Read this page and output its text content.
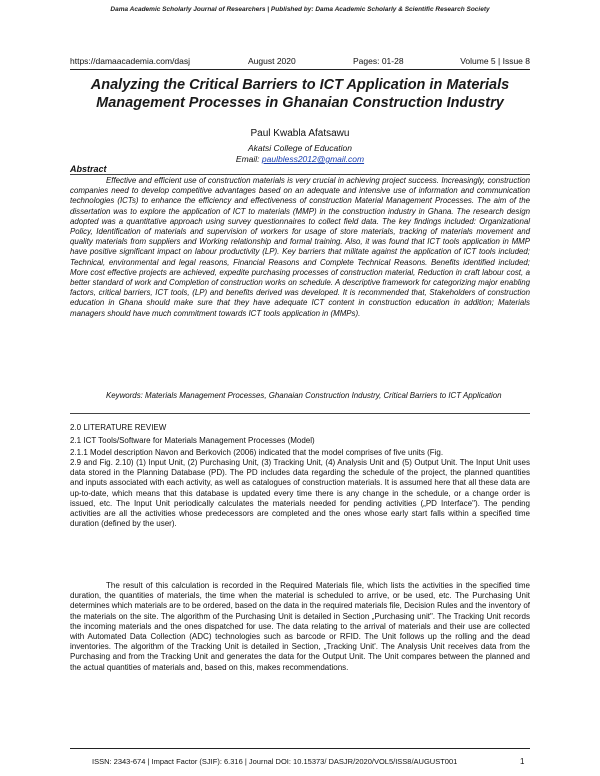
Dama Academic Scholarly Journal of Researchers | Published by: Dama Academic Scholarly & Scientific Research Society
https://damaacademia.com/dasj	August 2020	Pages: 01-28	Volume 5 | Issue 8
Analyzing the Critical Barriers to ICT Application in Materials Management Processes in Ghanaian Construction Industry
Paul Kwabla Afatsawu
Akatsi College of Education
Email: paulbless2012@gmail.com
Abstract

Effective and efficient use of construction materials is very crucial in achieving project success. Increasingly, construction companies need to develop competitive advantages based on an adequate and intensive use of information and communication technologies (ICTs) to enhance the efficiency and effectiveness of construction Material Management Processes. The aim of the dissertation was to explore the application of ICT to materials (MMP) in the construction industry in Ghana. The research design adopted was a quantitative approach using survey questionnaires to collect field data. The key findings included: Organizational Policy, Identification of materials and supervision of workers for usage of store materials, tracking of materials movement and quality materials from suppliers and Working relationship and formal training. Also, it was found that ICT tools application in MMP have positive significant impact on labour productivity (LP). Key barriers that militate against the application of ICT tools included; Technical, environmental and legal reasons, Financial Reasons and Complete Technical Reasons. Benefits identified included; More cost effective projects are achieved, expedite purchasing processes of construction material, Reduction in craft labour cost, a better standard of work and Completion of construction works on schedule. A descriptive framework for categorizing major enabling factors, critical barriers, ICT tools, (LP) and benefits derived was developed. It is recommended that, Stakeholders of construction education in Ghana should make sure that they have adequate ICT content in construction education in addition; Materials managers should have much commitment towards ICT tools application in (MMPs).

Keywords: Materials Management Processes, Ghanaian Construction Industry, Critical Barriers to ICT Application

2.0 LITERATURE REVIEW
2.1 ICT Tools/Software for Materials Management Processes (Model)
2.1.1 Model description Navon and Berkovich (2006) indicated that the model comprises of five units (Fig.

2.9 and Fig. 2.10) (1) Input Unit, (2) Purchasing Unit, (3) Tracking Unit, (4) Analysis Unit and (5) Output Unit. The Input Unit uses data stored in the Planning Database (PD). The PD includes data regarding the schedule of the project, the planned quantities and inputs associated with each activity, as well as catalogues of construction materials. It is assumed here that all these data are up-to-date, which means that this database is updated every time there is any change in the schedule, or a change order is issued, etc. The Input Unit periodically calculates the materials needed for pending activities („PD Interface"). The pending activities are all the activities whose predecessors are completed and the ones whose early start falls within a specified time duration (defined by the user).

The result of this calculation is recorded in the Required Materials file, which lists the activities in the specified time duration, the quantities of materials, the time when the material is scheduled to arrive, or be used, etc. The Purchasing Unit determines which materials are to be ordered, based on the data in the required materials file, Decision Rules and the inventory of the materials on the site. The algorithm of the Purchasing Unit is detailed in Section „Purchasing unit". The Tracking Unit records the incoming materials and the ones dispatched for use. The data relating to the arrival of materials and their use are collected with Automated Data Collection (ADC) technologies such as barcode or RFID. The Unit follows up the rolling and the dead inventories. The algorithm of the Tracking Unit is detailed in Section, „Tracking Unit'. The Analysis Unit receives data from the Purchasing and from the Tracking Unit and generates the data for the Output Unit. The Unit compares between the planned and the actual quantities of materials and, based on this, makes recommendations.

ISSN: 2343-674 | Impact Factor (SJIF): 6.316 | Journal DOI: 10.15373/ DASJR/2020/VOL5/ISS8/AUGUST001	1
